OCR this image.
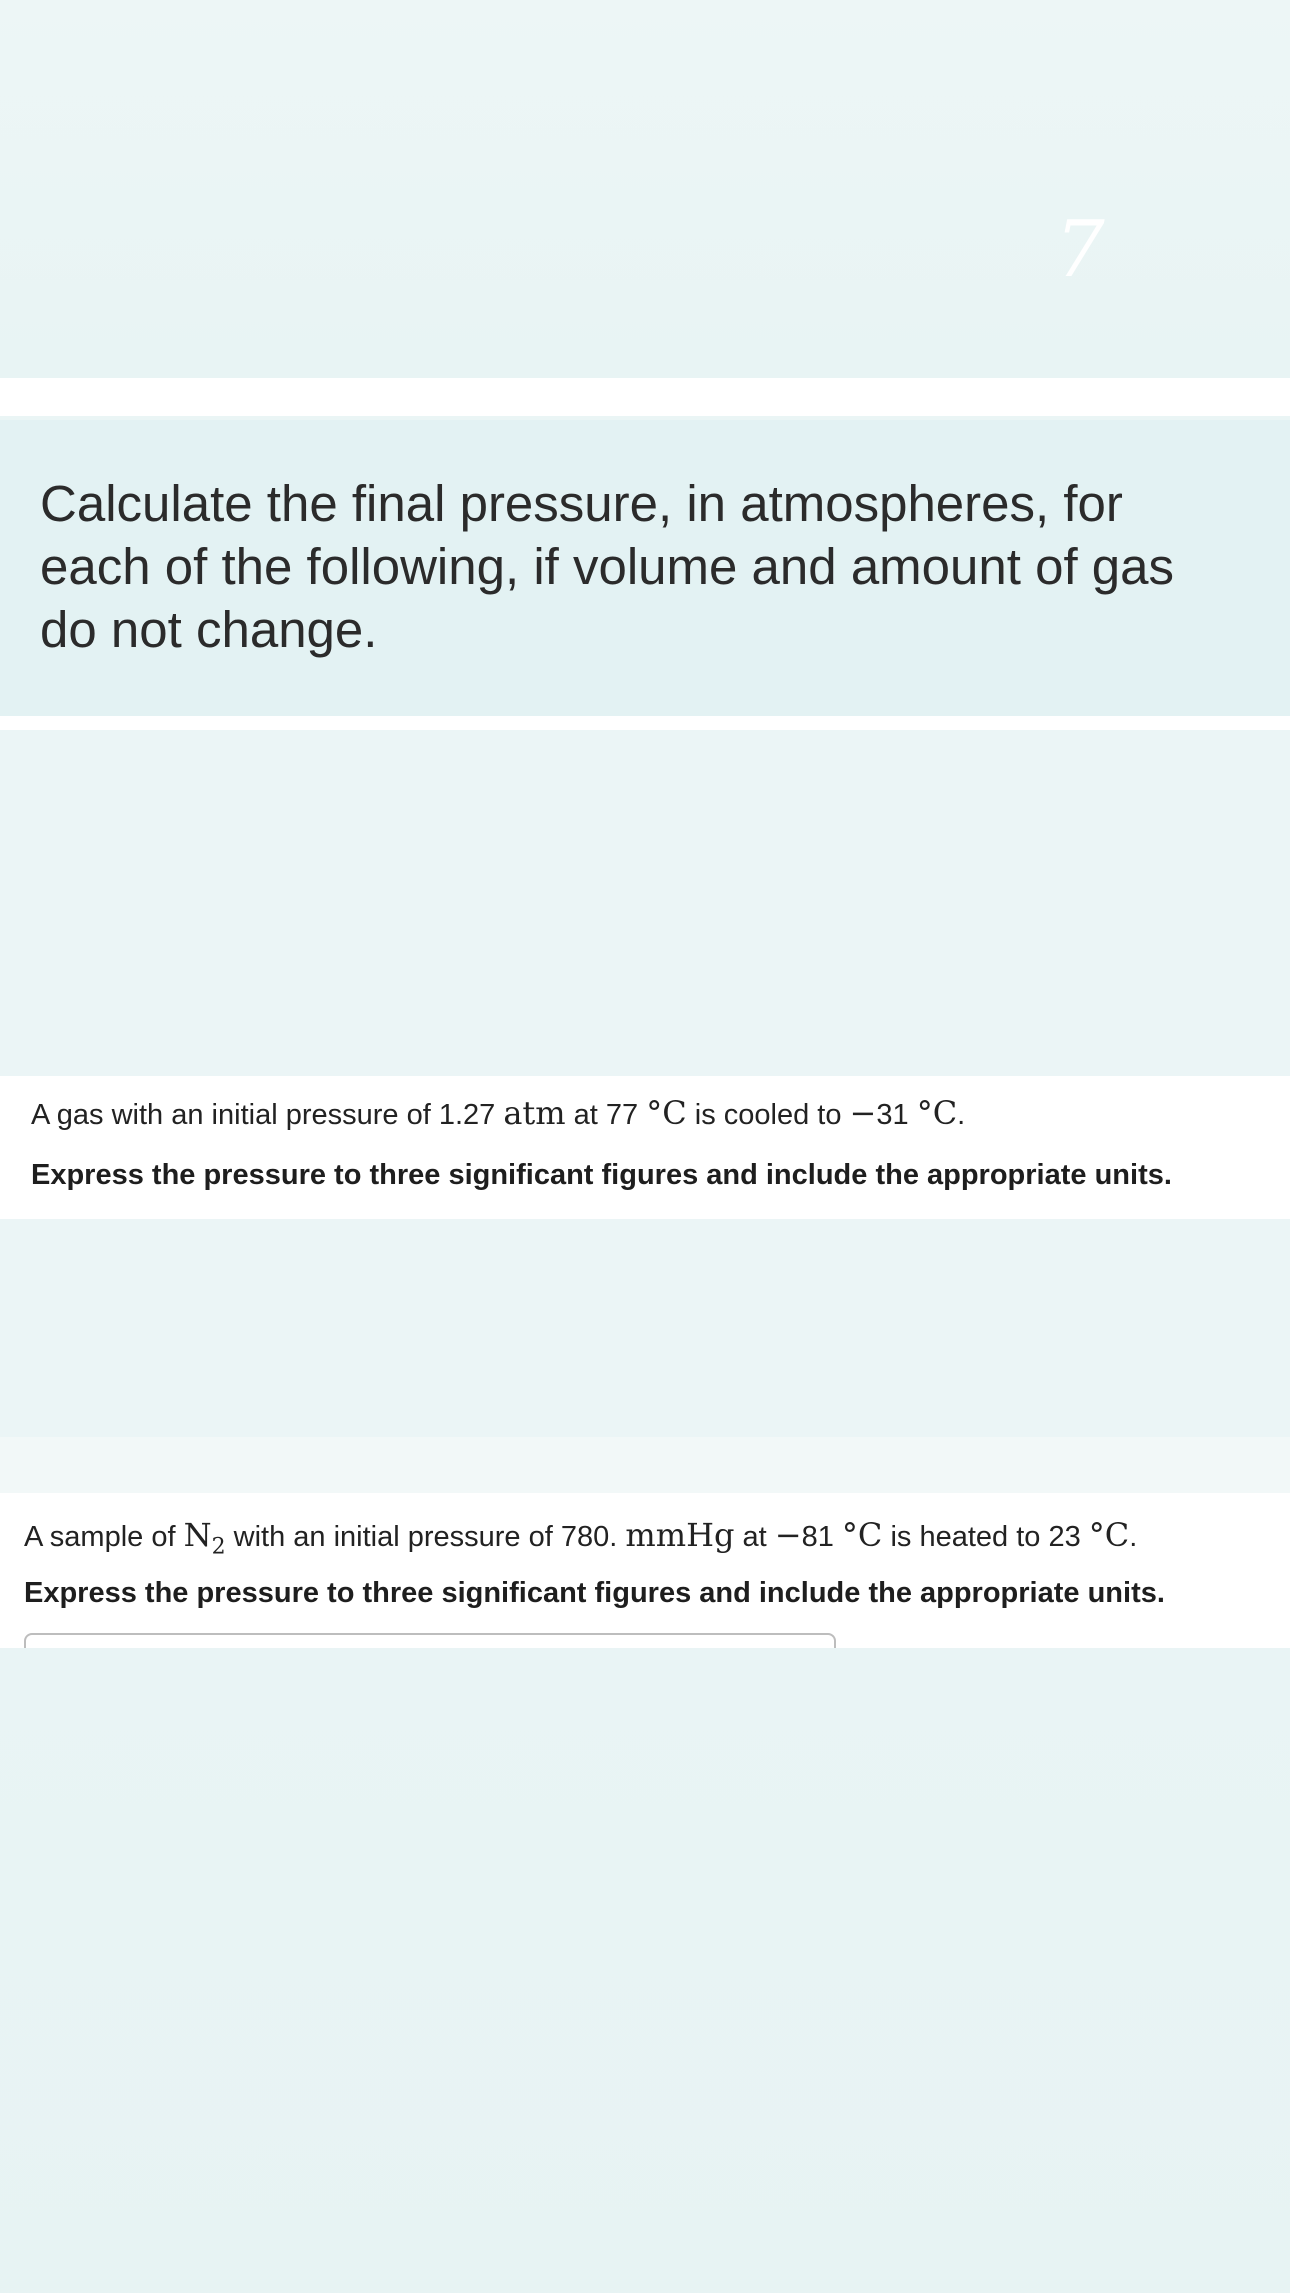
7

Calculate the final pressure, in atmospheres, for each of the following, if volume and amount of gas do not change.

A gas with an initial pressure of 1.27 atm at 77 °C is cooled to −31 °C.

Express the pressure to three significant figures and include the appropriate units.

A sample of $N_2$ with an initial pressure of 780. mmHg at −81 °C is heated to 23 °C.

Express the pressure to three significant figures and include the appropriate units.
